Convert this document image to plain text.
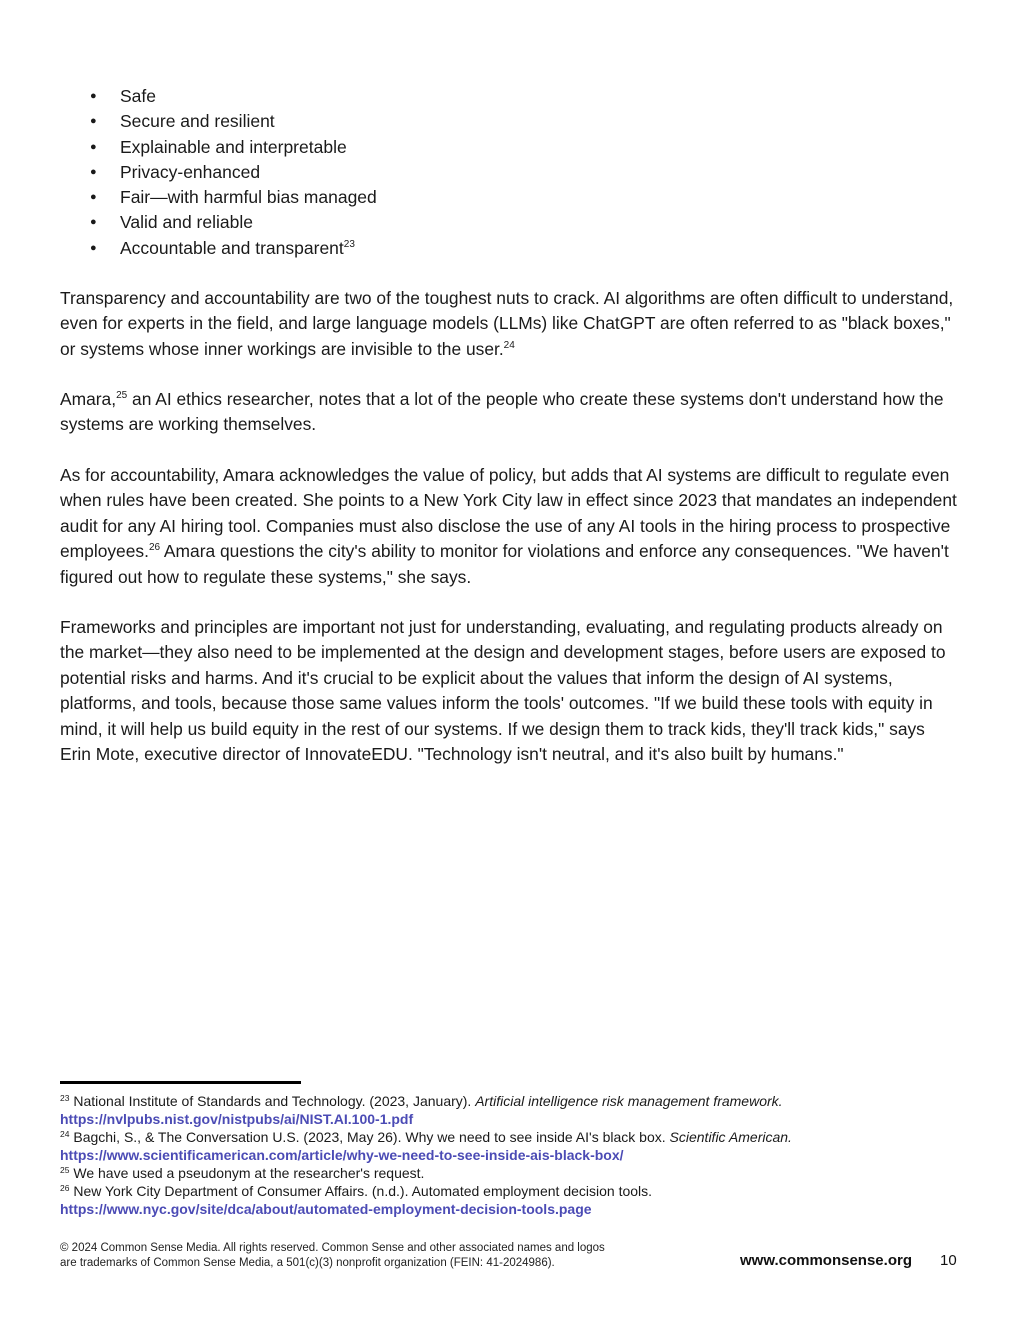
● Safe
● Secure and resilient
● Explainable and interpretable
● Privacy-enhanced
● Fair—with harmful bias managed
● Valid and reliable
● Accountable and transparent$^{23}$

Transparency and accountability are two of the toughest nuts to crack. AI algorithms are often difficult to understand, even for experts in the field, and large language models (LLMs) like ChatGPT are often referred to as "black boxes," or systems whose inner workings are invisible to the user.$^{24}$

Amara,$^{25}$ an AI ethics researcher, notes that a lot of the people who create these systems don't understand how the systems are working themselves.

As for accountability, Amara acknowledges the value of policy, but adds that AI systems are difficult to regulate even when rules have been created. She points to a New York City law in effect since 2023 that mandates an independent audit for any AI hiring tool. Companies must also disclose the use of any AI tools in the hiring process to prospective employees.$^{26}$ Amara questions the city's ability to monitor for violations and enforce any consequences. "We haven't figured out how to regulate these systems," she says.

Frameworks and principles are important not just for understanding, evaluating, and regulating products already on the market—they also need to be implemented at the design and development stages, before users are exposed to potential risks and harms. And it's crucial to be explicit about the values that inform the design of AI systems, platforms, and tools, because those same values inform the tools' outcomes. "If we build these tools with equity in mind, it will help us build equity in the rest of our systems. If we design them to track kids, they'll track kids," says Erin Mote, executive director of InnovateEDU. "Technology isn't neutral, and it's also built by humans."

$^{23}$ National Institute of Standards and Technology. (2023, January). Artificial intelligence risk management framework.
https://nvlpubs.nist.gov/nistpubs/ai/NIST.AI.100-1.pdf
$^{24}$ Bagchi, S., & The Conversation U.S. (2023, May 26). Why we need to see inside AI's black box. Scientific American.
https://www.scientificamerican.com/article/why-we-need-to-see-inside-ais-black-box/
$^{25}$ We have used a pseudonym at the researcher's request.
$^{26}$ New York City Department of Consumer Affairs. (n.d.). Automated employment decision tools.
https://www.nyc.gov/site/dca/about/automated-employment-decision-tools.page
© 2024 Common Sense Media. All rights reserved. Common Sense and other associated names and logos
are trademarks of Common Sense Media, a 501(c)(3) nonprofit organization (FEIN: 41-2024986).	www.commonsense.org 10
